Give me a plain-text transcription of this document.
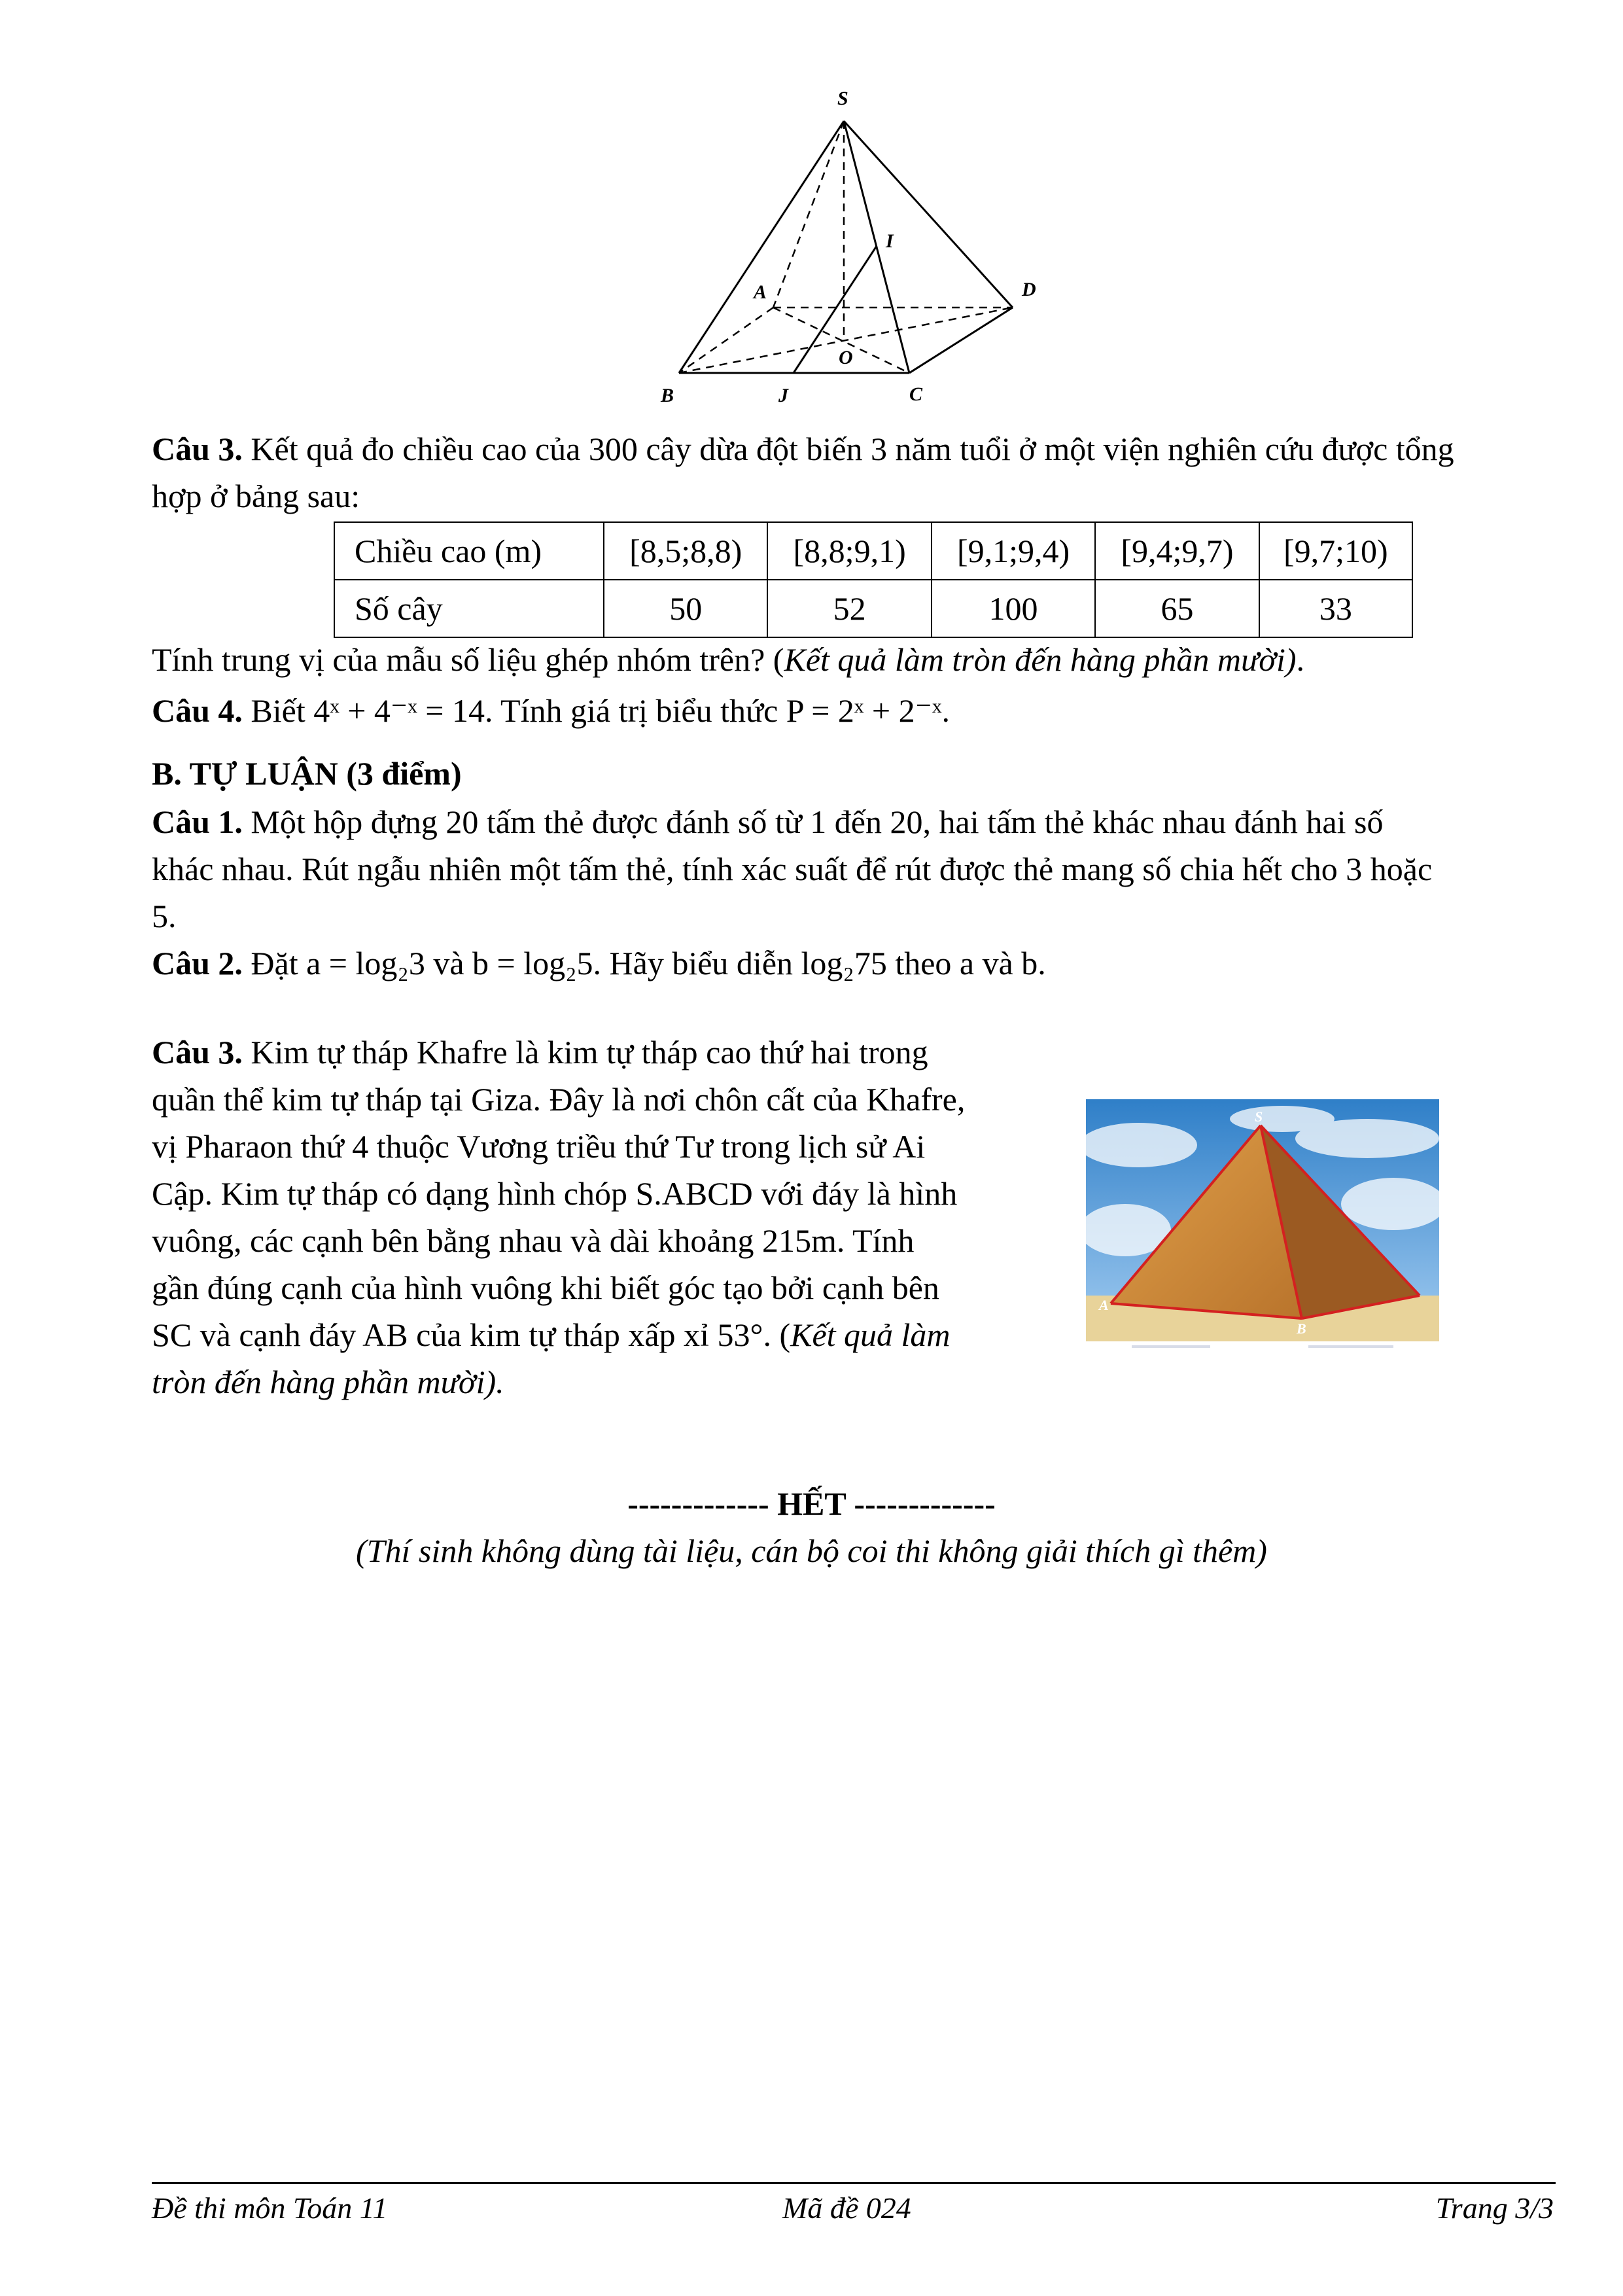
S
I
A	D
O
B	J	C
Câu 3. Kết quả đo chiều cao của 300 cây dừa đột biến 3 năm tuổi ở một viện nghiên cứu được tổng
hợp ở bảng sau:
Chiều cao (m)	[8,5;8,8)	[8,8;9,1)	[9,1;9,4)	[9,4;9,7)	[9,7;10)
Số cây	50	52	100	65	33
Tính trung vị của mẫu số liệu ghép nhóm trên? (Kết quả làm tròn đến hàng phần mười).
Câu 4. Biết 4ˣ + 4⁻ˣ = 14. Tính giá trị biểu thức P = 2ˣ + 2⁻ˣ.
B. TỰ LUẬN (3 điểm)
Câu 1. Một hộp đựng 20 tấm thẻ được đánh số từ 1 đến 20, hai tấm thẻ khác nhau đánh hai số
khác nhau. Rút ngẫu nhiên một tấm thẻ, tính xác suất để rút được thẻ mang số chia hết cho 3 hoặc
5.
Câu 2. Đặt a = log₂3 và b = log₂5. Hãy biểu diễn log₂75 theo a và b.
Câu 3. Kim tự tháp Khafre là kim tự tháp cao thứ hai trong
quần thể kim tự tháp tại Giza. Đây là nơi chôn cất của Khafre,
vị Pharaon thứ 4 thuộc Vương triều thứ Tư trong lịch sử Ai
Cập. Kim tự tháp có dạng hình chóp S.ABCD với đáy là hình
vuông, các cạnh bên bằng nhau và dài khoảng 215m. Tính
gần đúng cạnh của hình vuông khi biết góc tạo bởi cạnh bên
SC và cạnh đáy AB của kim tự tháp xấp xỉ 53°. (Kết quả làm
tròn đến hàng phần mười).
S
A
B
------------- HẾT -------------
(Thí sinh không dùng tài liệu, cán bộ coi thi không giải thích gì thêm)
Đề thi môn Toán 11	Mã đề 024	Trang 3/3
